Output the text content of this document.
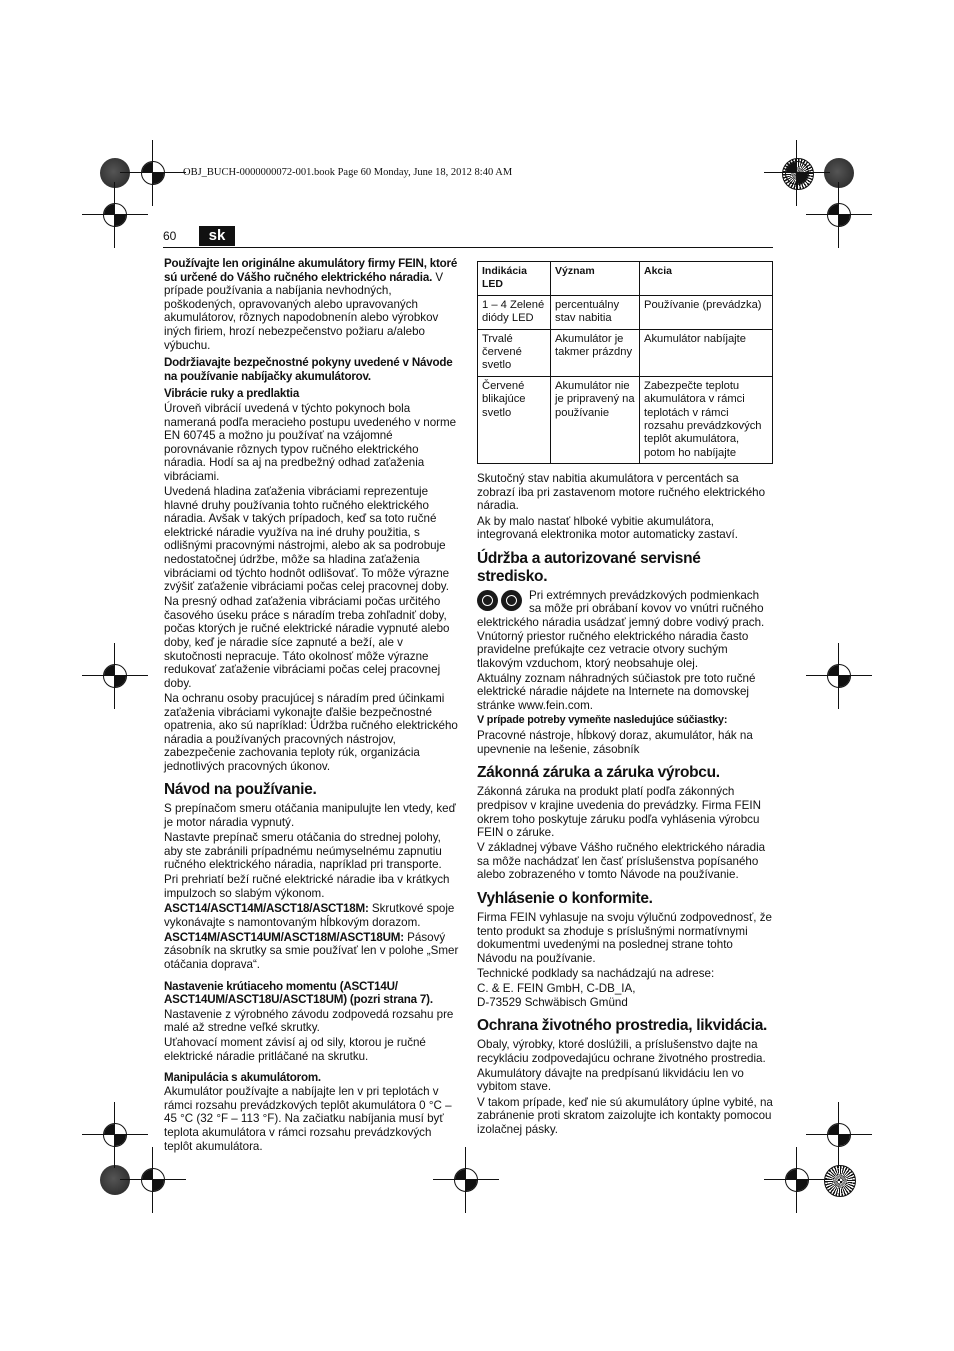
OBJ_BUCH-0000000072-001.book Page 60 Monday, June 18, 2012 8:40 AM
60	sk

Používajte len originálne akumulátory firmy FEIN, ktoré sú určené do Vášho ručného elektrického náradia. V prípade používania a nabíjania nevhodných, poškodených, opravovaných alebo upravovaných akumulátorov, rôznych napodobnenín alebo výrobkov iných firiem, hrozí nebezpečenstvo požiaru a/alebo výbuchu.

Dodržiavajte bezpečnostné pokyny uvedené v Návode na používanie nabíjačky akumulátorov.

Vibrácie ruky a predlaktia

Úroveň vibrácií uvedená v týchto pokynoch bola nameraná podľa meracieho postupu uvedeného v norme EN 60745 a možno ju používať na vzájomné porovnávanie rôznych typov ručného elektrického náradia. Hodí sa aj na predbežný odhad zaťaženia vibráciami.

Uvedená hladina zaťaženia vibráciami reprezentuje hlavné druhy používania tohto ručného elektrického náradia. Avšak v takých prípadoch, keď sa toto ručné elektrické náradie využíva na iné druhy použitia, s odlišnými pracovnými nástrojmi, alebo ak sa podrobuje nedostatočnej údržbe, môže sa hladina zaťaženia vibráciami od týchto hodnôt odlišovať. To môže výrazne zvýšiť zaťaženie vibráciami počas celej pracovnej doby.

Na presný odhad zaťaženia vibráciami počas určitého časového úseku práce s náradím treba zohľadniť doby, počas ktorých je ručné elektrické náradie vypnuté alebo doby, keď je náradie síce zapnuté a beží, ale v skutočnosti nepracuje. Táto okolnosť môže výrazne redukovať zaťaženie vibráciami počas celej pracovnej doby.

Na ochranu osoby pracujúcej s náradím pred účinkami zaťaženia vibráciami vykonajte ďalšie bezpečnostné opatrenia, ako sú napríklad: Údržba ručného elektrického náradia a používaných pracovných nástrojov, zabezpečenie zachovania teploty rúk, organizácia jednotlivých pracovných úkonov.

Návod na používanie.

S prepínačom smeru otáčania manipulujte len vtedy, keď je motor náradia vypnutý.

Nastavte prepínač smeru otáčania do strednej polohy, aby ste zabránili prípadnému neúmyselnému zapnutiu ručného elektrického náradia, napríklad pri transporte.

Pri prehriatí beží ručné elektrické náradie iba v krátkych impulzoch so slabým výkonom.

ASCT14/ASCT14M/ASCT18/ASCT18M: Skrutkové spoje vykonávajte s namontovaným hĺbkovým dorazom.

ASCT14M/ASCT14UM/ASCT18M/ASCT18UM: Pásový zásobník na skrutky sa smie používať len v polohe „Smer otáčania doprava“.

Nastavenie krútiaceho momentu (ASCT14U/ ASCT14UM/ASCT18U/ASCT18UM) (pozri strana 7).

Nastavenie z výrobného závodu zodpovedá rozsahu pre malé až stredne veľké skrutky.

Uťahovací moment závisí aj od sily, ktorou je ručné elektrické náradie pritláčané na skrutku.

Manipulácia s akumulátorom.

Akumulátor používajte a nabíjajte len v pri teplotách v rámci rozsahu prevádzkových teplôt akumulátora 0 °C – 45 °C (32 °F – 113 °F). Na začiatku nabíjania musí byť teplota akumulátora v rámci rozsahu prevádzkových teplôt akumulátora.

Indikácia LED	Význam	Akcia
1 – 4 Zelené diódy LED	percentuálny stav nabitia	Používanie (prevádzka)
Trvalé červené svetlo	Akumulátor je takmer prázdny	Akumulátor nabíjajte
Červené blikajúce svetlo	Akumulátor nie je pripravený na používanie	Zabezpečte teplotu akumulátora v rámci teplotách v rámci rozsahu prevádzkových teplôt akumulátora, potom ho nabíjajte

Skutočný stav nabitia akumulátora v percentách sa zobrazí iba pri zastavenom motore ručného elektrického náradia.

Ak by malo nastať hlboké vybitie akumulátora, integrovaná elektronika motor automaticky zastaví.

Údržba a autorizované servisné stredisko.

Pri extrémnych prevádzkových podmienkach sa môže pri obrábaní kovov vo vnútri ručného elektrického náradia usádzať jemný dobre vodivý prach. Vnútorný priestor ručného elektrického náradia často pravidelne prefúkajte cez vetracie otvory suchým tlakovým vzduchom, ktorý neobsahuje olej.

Aktuálny zoznam náhradných súčiastok pre toto ručné elektrické náradie nájdete na Internete na domovskej stránke www.fein.com.

V prípade potreby vymeňte nasledujúce súčiastky:

Pracovné nástroje, hĺbkový doraz, akumulátor, hák na upevnenie na lešenie, zásobník

Zákonná záruka a záruka výrobcu.

Zákonná záruka na produkt platí podľa zákonných predpisov v krajine uvedenia do prevádzky. Firma FEIN okrem toho poskytuje záruku podľa vyhlásenia výrobcu FEIN o záruke.

V základnej výbave Vášho ručného elektrického náradia sa môže nachádzať len časť príslušenstva popísaného alebo zobrazeného v tomto Návode na používanie.

Vyhlásenie o konformite.

Firma FEIN vyhlasuje na svoju výlučnú zodpovednosť, že tento produkt sa zhoduje s príslušnými normatívnymi dokumentmi uvedenými na poslednej strane tohto Návodu na používanie.

Technické podklady sa nachádzajú na adrese:

C. & E. FEIN GmbH, C-DB_IA,

D-73529 Schwäbisch Gmünd

Ochrana životného prostredia, likvidácia.

Obaly, výrobky, ktoré doslúžili, a príslušenstvo dajte na recykláciu zodpovedajúcu ochrane životného prostredia.

Akumulátory dávajte na predpísanú likvidáciu len vo vybitom stave.

V takom prípade, keď nie sú akumulátory úplne vybité, na zabránenie proti skratom zaizolujte ich kontakty pomocou izolačnej pásky.
